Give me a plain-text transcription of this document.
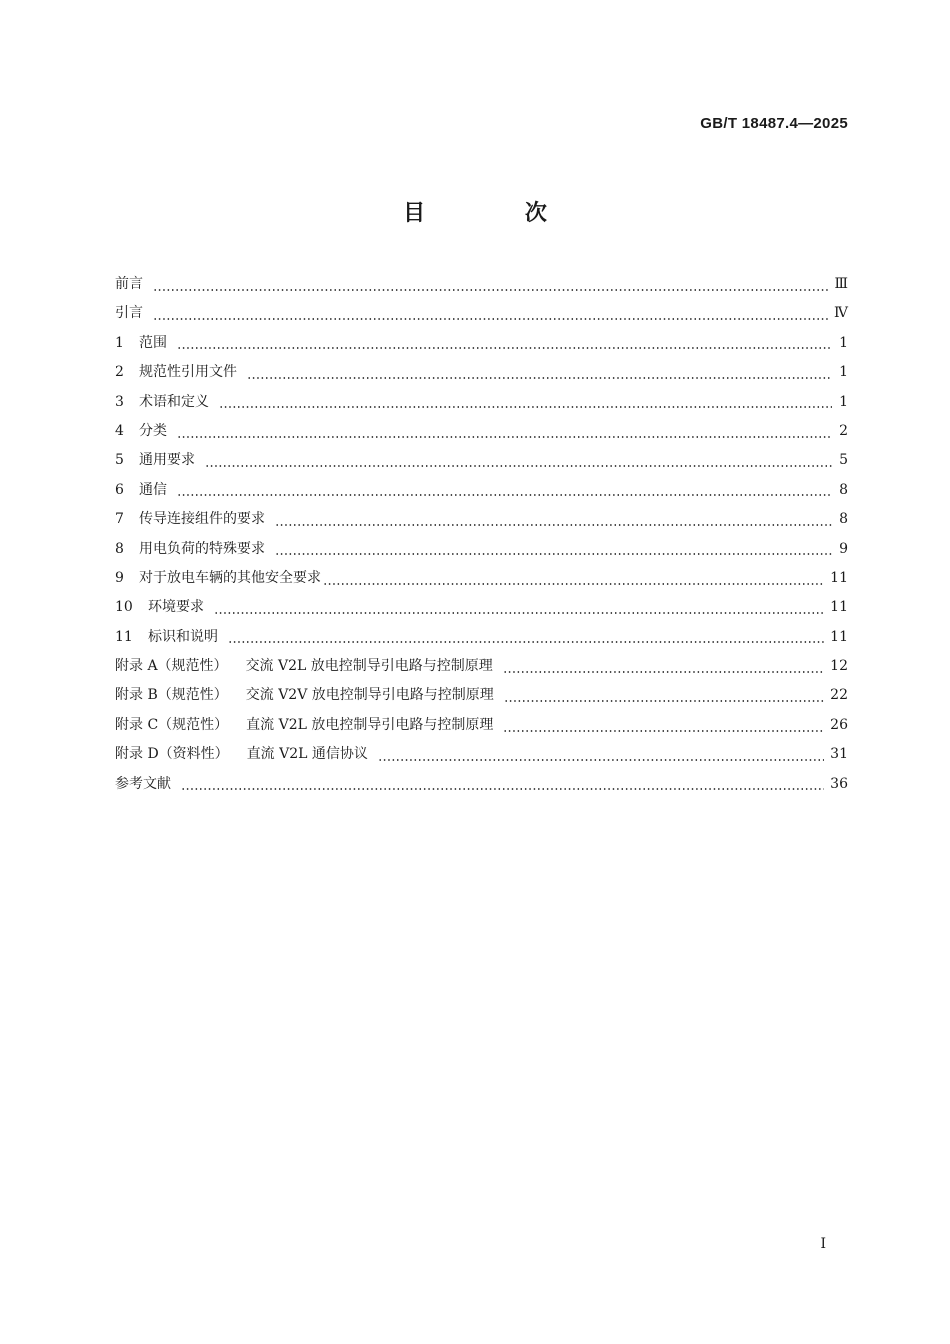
GB/T 18487.4—2025
目 次
前言	Ⅲ
引言	Ⅳ
1	范围	1
2	规范性引用文件	1
3	术语和定义	1
4	分类	2
5	通用要求	5
6	通信	8
7	传导连接组件的要求	8
8	用电负荷的特殊要求	9
9	对于放电车辆的其他安全要求	11
10	环境要求	11
11	标识和说明	11
附录 A（规范性）	交流 V2L 放电控制导引电路与控制原理	12
附录 B（规范性）	交流 V2V 放电控制导引电路与控制原理	22
附录 C（规范性）	直流 V2L 放电控制导引电路与控制原理	26
附录 D（资料性）	直流 V2L 通信协议	31
参考文献	36
I
